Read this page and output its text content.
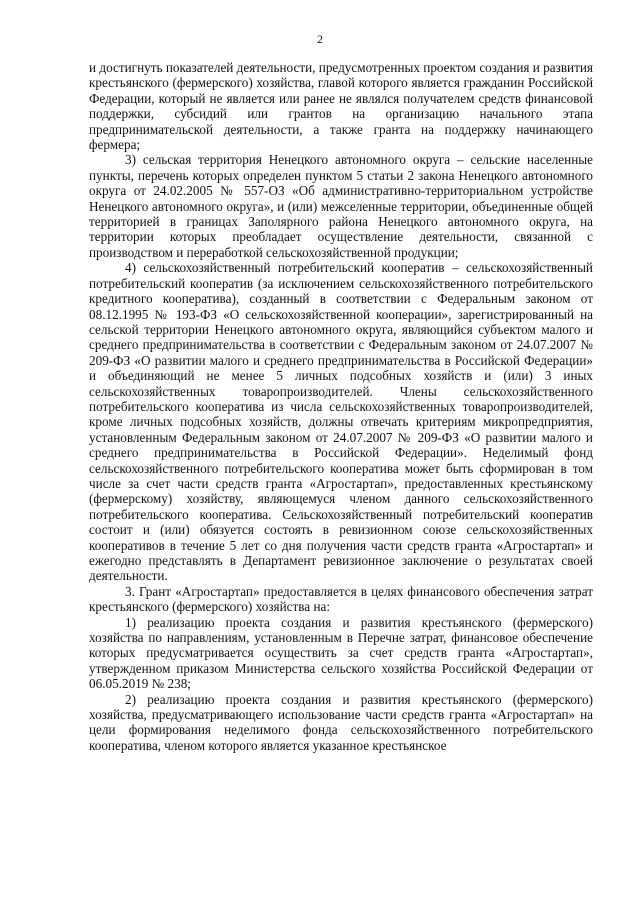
2

и достигнуть показателей деятельности, предусмотренных проектом создания и развития крестьянского (фермерского) хозяйства, главой которого является гражданин Российской Федерации, который не является или ранее не являлся получателем средств финансовой поддержки, субсидий или грантов на организацию начального этапа предпринимательской деятельности, а также гранта на поддержку начинающего фермера;

3) сельская территория Ненецкого автономного округа – сельские населенные пункты, перечень которых определен пунктом 5 статьи 2 закона Ненецкого автономного округа от 24.02.2005 № 557-ОЗ «Об административно-территориальном устройстве Ненецкого автономного округа», и (или) межселенные территории, объединенные общей территорией в границах Заполярного района Ненецкого автономного округа, на территории которых преобладает осуществление деятельности, связанной с производством и переработкой сельскохозяйственной продукции;

4) сельскохозяйственный потребительский кооператив – сельскохозяйственный потребительский кооператив (за исключением сельскохозяйственного потребительского кредитного кооператива), созданный в соответствии с Федеральным законом от 08.12.1995 № 193-ФЗ «О сельскохозяйственной кооперации», зарегистрированный на сельской территории Ненецкого автономного округа, являющийся субъектом малого и среднего предпринимательства в соответствии с Федеральным законом от 24.07.2007 № 209-ФЗ «О развитии малого и среднего предпринимательства в Российской Федерации» и объединяющий не менее 5 личных подсобных хозяйств и (или) 3 иных сельскохозяйственных товаропроизводителей. Члены сельскохозяйственного потребительского кооператива из числа сельскохозяйственных товаропроизводителей, кроме личных подсобных хозяйств, должны отвечать критериям микропредприятия, установленным Федеральным законом от 24.07.2007 № 209-ФЗ «О развитии малого и среднего предпринимательства в Российской Федерации». Неделимый фонд сельскохозяйственного потребительского кооператива может быть сформирован в том числе за счет части средств гранта «Агростартап», предоставленных крестьянскому (фермерскому) хозяйству, являющемуся членом данного сельскохозяйственного потребительского кооператива. Сельскохозяйственный потребительский кооператив состоит и (или) обязуется состоять в ревизионном союзе сельскохозяйственных кооперативов в течение 5 лет со дня получения части средств гранта «Агростартап» и ежегодно представлять в Департамент ревизионное заключение о результатах своей деятельности.

3. Грант «Агростартап» предоставляется в целях финансового обеспечения затрат крестьянского (фермерского) хозяйства на:

1) реализацию проекта создания и развития крестьянского (фермерского) хозяйства по направлениям, установленным в Перечне затрат, финансовое обеспечение которых предусматривается осуществить за счет средств гранта «Агростартап», утвержденном приказом Министерства сельского хозяйства Российской Федерации от 06.05.2019 № 238;

2) реализацию проекта создания и развития крестьянского (фермерского) хозяйства, предусматривающего использование части средств гранта «Агростартап» на цели формирования неделимого фонда сельскохозяйственного потребительского кооператива, членом которого является указанное крестьянское
